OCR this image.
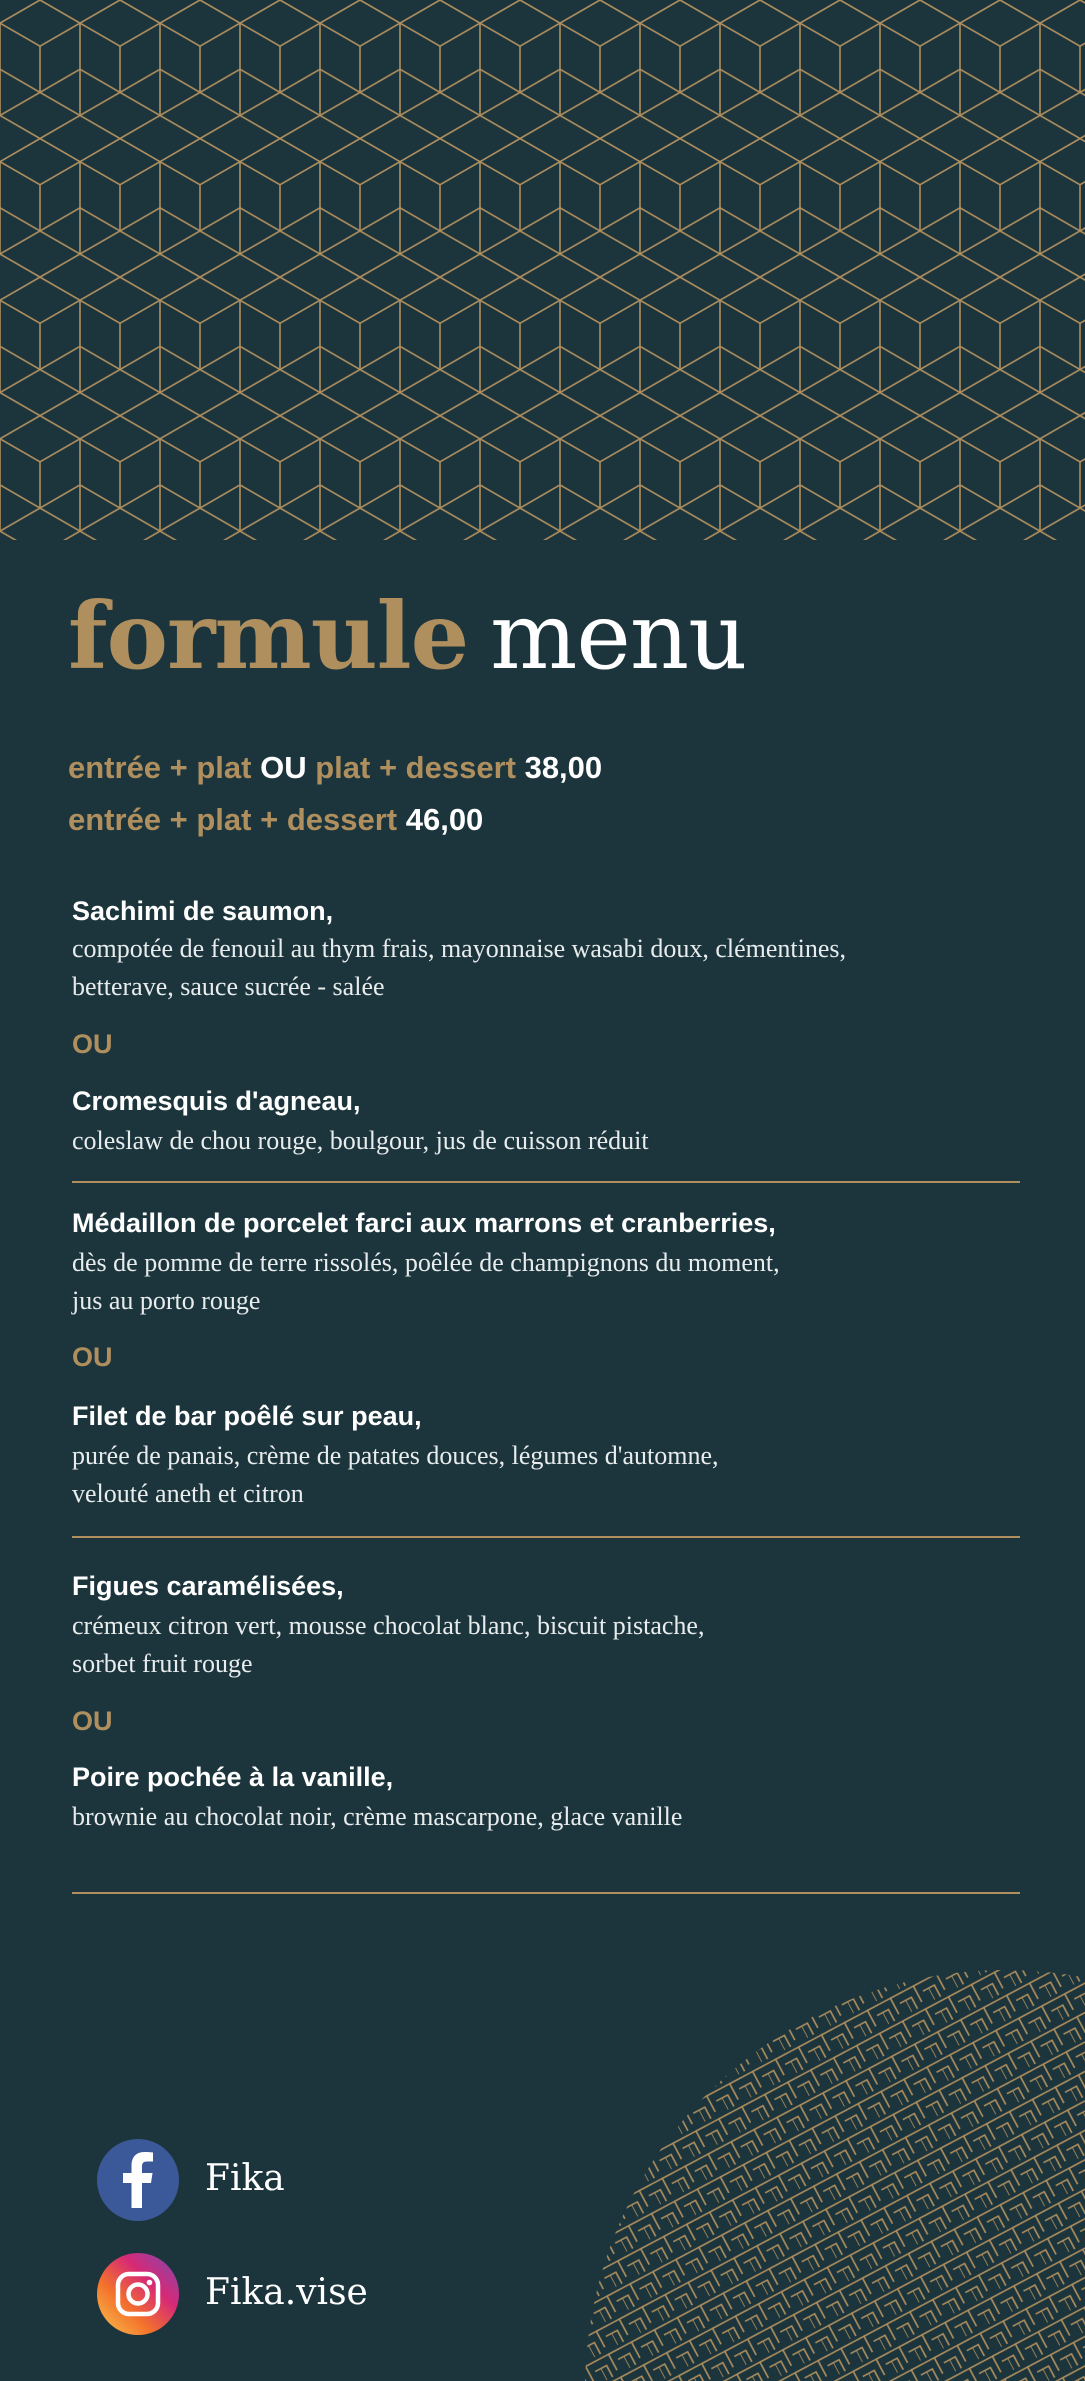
formule menu
entrée + plat OU plat + dessert 38,00
entrée + plat + dessert 46,00
Sachimi de saumon,
compotée de fenouil au thym frais, mayonnaise wasabi doux, clémentines,
betterave, sauce sucrée - salée
OU
Cromesquis d'agneau,
coleslaw de chou rouge, boulgour, jus de cuisson réduit
Médaillon de porcelet farci aux marrons et cranberries,
dès de pomme de terre rissolés, poêlée de champignons du moment,
jus au porto rouge
OU
Filet de bar poêlé sur peau,
purée de panais, crème de patates douces, légumes d'automne,
velouté aneth et citron
Figues caramélisées,
crémeux citron vert, mousse chocolat blanc, biscuit pistache,
sorbet fruit rouge
OU
Poire pochée à la vanille,
brownie au chocolat noir, crème mascarpone, glace vanille
Fika
Fika.vise
